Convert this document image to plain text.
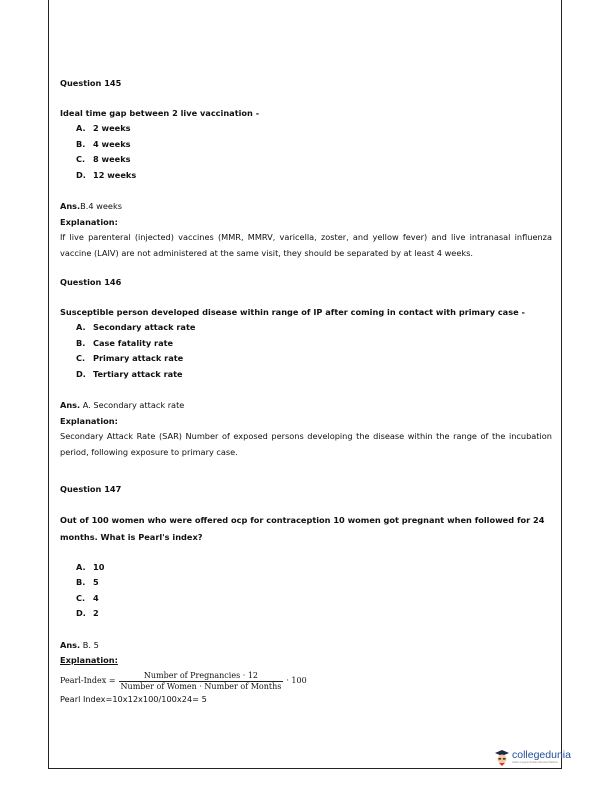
Question 145

Ideal time gap between 2 live vaccination -

A. 2 weeks
B. 4 weeks
C. 8 weeks
D. 12 weeks

Ans.B.4 weeks

Explanation:

If live parenteral (injected) vaccines (MMR, MMRV, varicella, zoster, and yellow fever) and live intranasal influenza vaccine (LAIV) are not administered at the same visit, they should be separated by at least 4 weeks.

Question 146

Susceptible person developed disease within range of IP after coming in contact with primary case -

A. Secondary attack rate
B. Case fatality rate
C. Primary attack rate
D. Tertiary attack rate

Ans. A. Secondary attack rate

Explanation:

Secondary Attack Rate (SAR) Number of exposed persons developing the disease within the range of the incubation period, following exposure to primary case.

Question 147

Out of 100 women who were offered ocp for contraception 10 women got pregnant when followed for 24 months. What is Pearl's index?

A. 10
B. 5
C. 4
D. 2

Ans. B. 5

Explanation:

Pearl-Index = $\frac{\text{Number of Pregnancies · 12}}{\text{Number of Women · Number of Months}} \cdot 100$

Pearl Index=10x12x100/100x24= 5

collegedunia
India's Largest Student Review Platform
